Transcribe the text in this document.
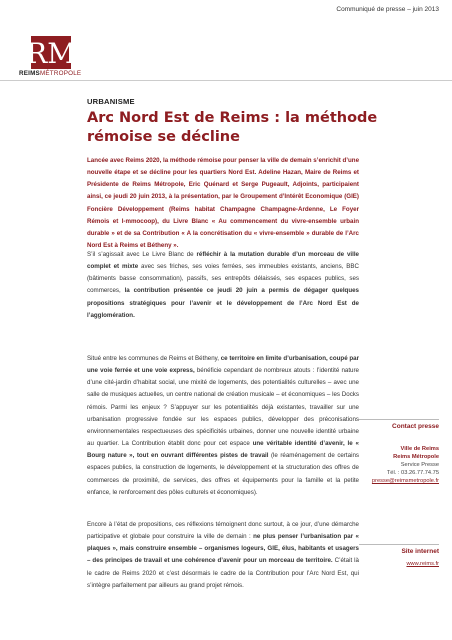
Communiqué de presse – juin 2013
RM
REIMSMÉTROPOLE
URBANISME
Arc Nord Est de Reims : la méthode rémoise se décline
Lancée avec Reims 2020, la méthode rémoise pour penser la ville de demain s’enrichit d’une nouvelle étape et se décline pour les quartiers Nord Est. Adeline Hazan, Maire de Reims et Présidente de Reims Métropole, Eric Quénard et Serge Pugeault, Adjoints, participaient ainsi, ce jeudi 20 juin 2013, à la présentation, par le Groupement d’Intérêt Economique (GIE) Foncière Développement (Reims habitat Champagne Champagne-Ardenne, Le Foyer Rémois et l-mmocoop), du Livre Blanc « Au commencement du vivre-ensemble urbain durable » et de sa Contribution « A la concrétisation du « vivre-ensemble » durable de l’Arc Nord Est à Reims et Bétheny ».
S’il s’agissait avec Le Livre Blanc de réfléchir à la mutation durable d’un morceau de ville complet et mixte avec ses friches, ses voies ferrées, ses immeubles existants, anciens, BBC (bâtiments basse consommation), passifs, ses entrepôts délaissés, ses espaces publics, ses commerces, la contribution présentée ce jeudi 20 juin a permis de dégager quelques propositions stratégiques pour l’avenir et le développement de l’Arc Nord Est de l’agglomération.
Situé entre les communes de Reims et Bétheny, ce territoire en limite d’urbanisation, coupé par une voie ferrée et une voie express, bénéficie cependant de nombreux atouts : l’identité nature d’une cité-jardin d’habitat social, une mixité de logements, des potentialités culturelles – avec une salle de musiques actuelles, un centre national de création musicale – et économiques – les Docks rémois. Parmi les enjeux ? S’appuyer sur les potentialités déjà existantes, travailler sur une urbanisation progressive fondée sur les espaces publics, développer des préconisations environnementales respectueuses des spécificités urbaines, donner une nouvelle identité urbaine au quartier. La Contribution établit donc pour cet espace une véritable identité d’avenir, le « Bourg nature », tout en ouvrant différentes pistes de travail (le réaménagement de certains espaces publics, la construction de logements, le développement et la structuration des offres de commerces de proximité, de services, des offres et équipements pour la famille et la petite enfance, le renforcement des pôles culturels et économiques).
Encore à l’état de propositions, ces réflexions témoignent donc surtout, à ce jour, d’une démarche participative et globale pour construire la ville de demain : ne plus penser l’urbanisation par « plaques », mais construire ensemble – organismes logeurs, GIE, élus, habitants et usagers – des principes de travail et une cohérence d’avenir pour un morceau de territoire. C’était là le cadre de Reims 2020 et c’est désormais le cadre de la Contribution pour l’Arc Nord Est, qui s’intègre parfaitement par ailleurs au grand projet rémois.
Contact presse
Ville de Reims
Reims Métropole
Service Presse
Tél. : 03.26.77.74.75
presse@reimsmetropole.fr
Site internet
www.reims.fr
